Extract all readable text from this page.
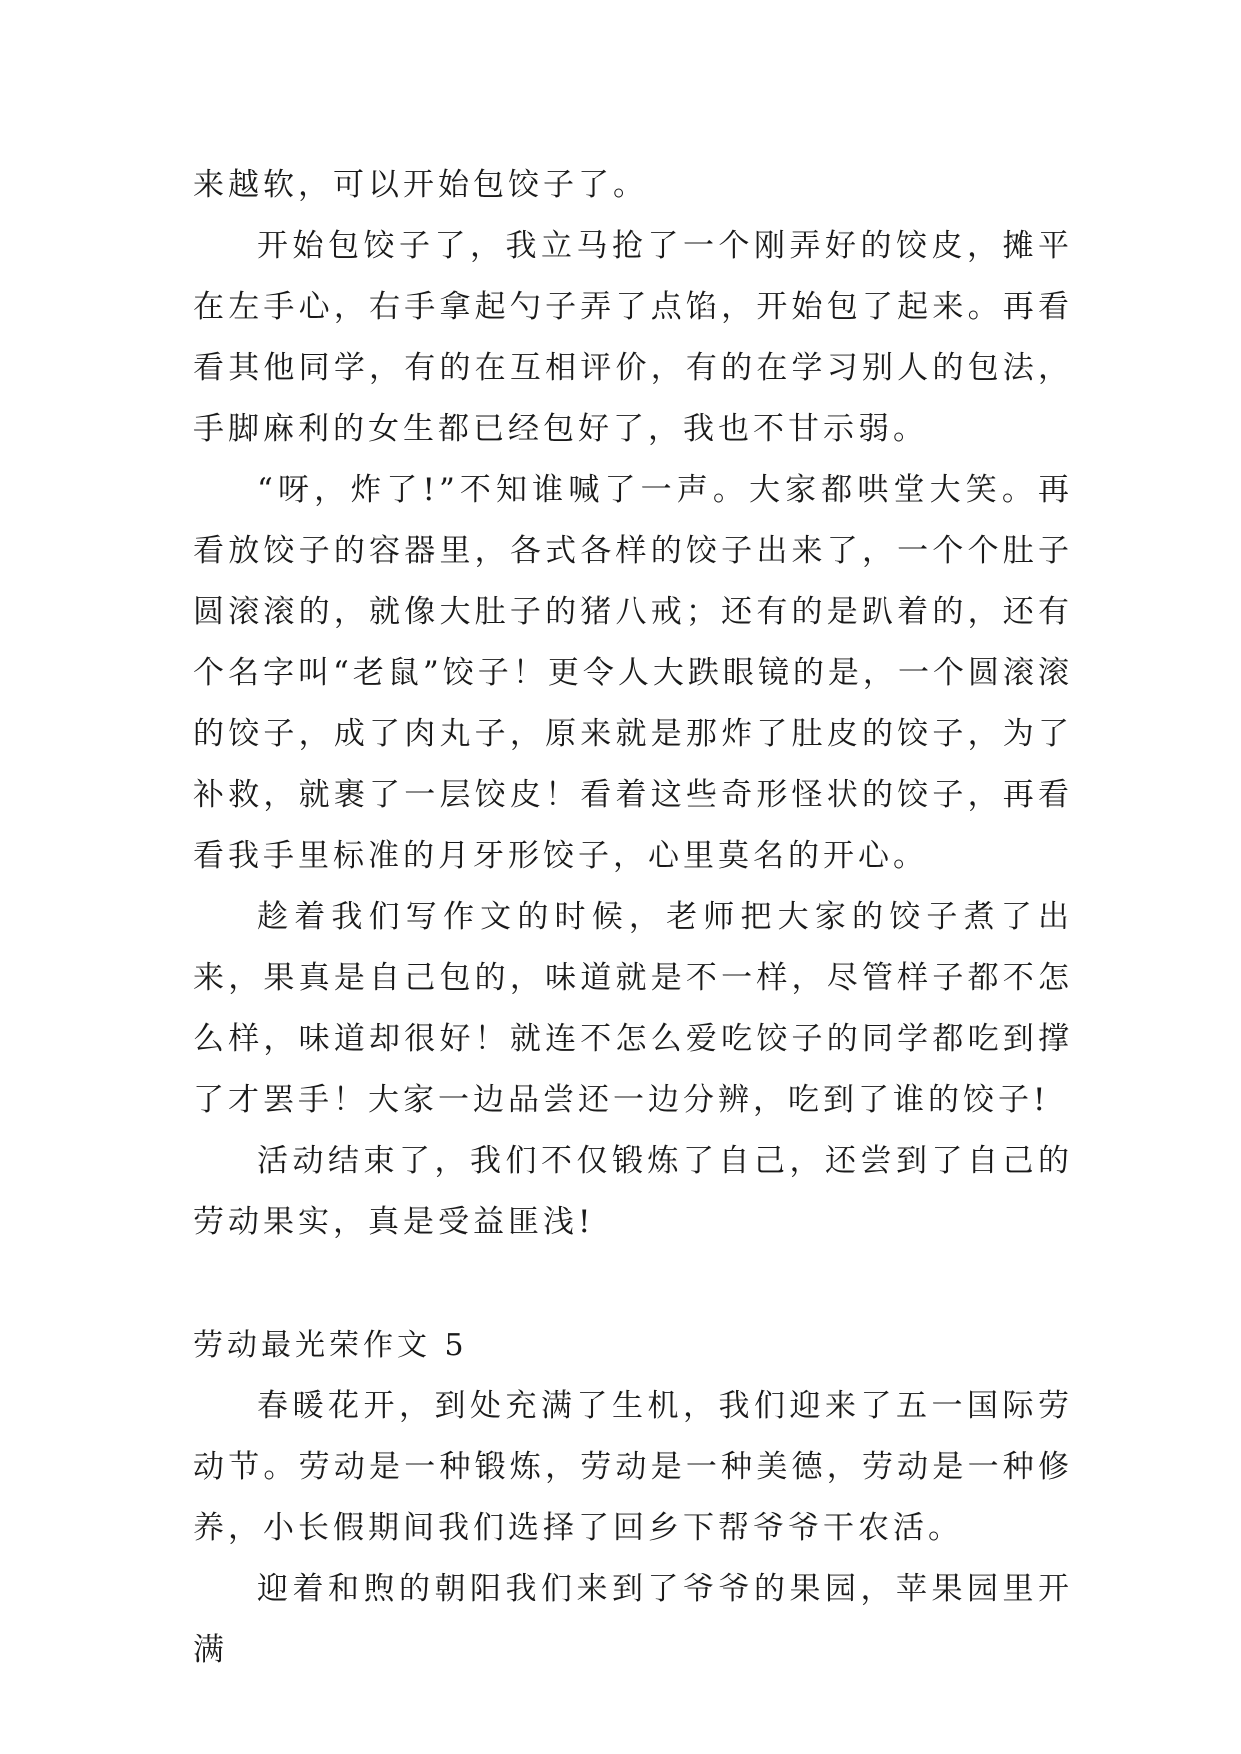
来越软，可以开始包饺子了。

开始包饺子了，我立马抢了一个刚弄好的饺皮，摊平在左手心，右手拿起勺子弄了点馅，开始包了起来。再看看其他同学，有的在互相评价，有的在学习别人的包法，手脚麻利的女生都已经包好了，我也不甘示弱。

“呀，炸了!”不知谁喊了一声。大家都哄堂大笑。再看放饺子的容器里，各式各样的饺子出来了，一个个肚子圆滚滚的，就像大肚子的猪八戒；还有的是趴着的，还有个名字叫“老鼠”饺子！更令人大跌眼镜的是，一个圆滚滚的饺子，成了肉丸子，原来就是那炸了肚皮的饺子，为了补救，就裹了一层饺皮！看着这些奇形怪状的饺子，再看看我手里标准的月牙形饺子，心里莫名的开心。

趁着我们写作文的时候，老师把大家的饺子煮了出来，果真是自己包的，味道就是不一样，尽管样子都不怎么样，味道却很好！就连不怎么爱吃饺子的同学都吃到撑了才罢手！大家一边品尝还一边分辨，吃到了谁的饺子!

活动结束了，我们不仅锻炼了自己，还尝到了自己的劳动果实，真是受益匪浅!

劳动最光荣作文 5

春暖花开，到处充满了生机，我们迎来了五一国际劳动节。劳动是一种锻炼，劳动是一种美德，劳动是一种修养，小长假期间我们选择了回乡下帮爷爷干农活。

迎着和煦的朝阳我们来到了爷爷的果园，苹果园里开满
